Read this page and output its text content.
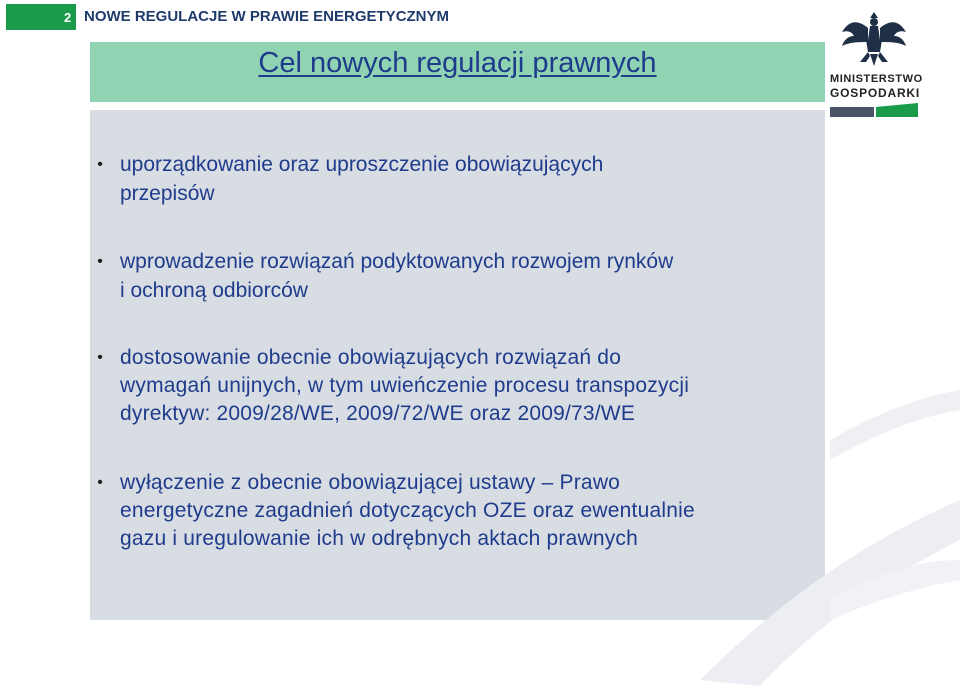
2 NOWE REGULACJE W PRAWIE ENERGETYCZNYM
Cel nowych regulacji prawnych
• uporządkowanie oraz uproszczenie obowiązujących
przepisów
• wprowadzenie rozwiązań podyktowanych rozwojem rynków
i ochroną odbiorców
• dostosowanie obecnie obowiązujących rozwiązań do
wymagań unijnych, w tym uwieńczenie procesu transpozycji
dyrektyw: 2009/28/WE, 2009/72/WE oraz 2009/73/WE
• wyłączenie z obecnie obowiązującej ustawy – Prawo
energetyczne zagadnień dotyczących OZE oraz ewentualnie
gazu i uregulowanie ich w odrębnych aktach prawnych
MINISTERSTWO
GOSPODARKI
